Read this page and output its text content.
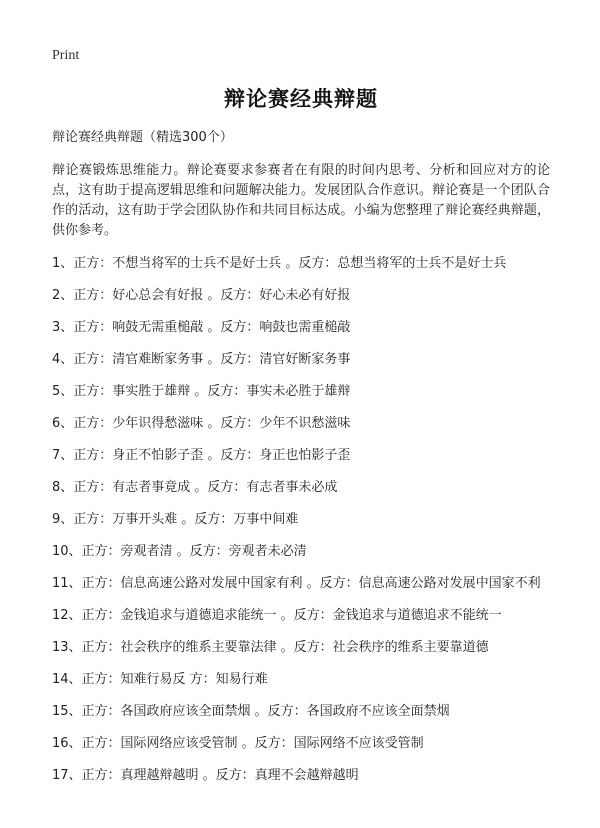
Print
辩论赛经典辩题
辩论赛经典辩题（精选300个）

辩论赛锻炼思维能力。辩论赛要求参赛者在有限的时间内思考、分析和回应对方的论点，这有助于提高逻辑思维和问题解决能力。发展团队合作意识。辩论赛是一个团队合作的活动，这有助于学会团队协作和共同目标达成。小编为您整理了辩论赛经典辩题，供你参考。

1、正方：不想当将军的士兵不是好士兵 。反方：总想当将军的士兵不是好士兵
2、正方：好心总会有好报 。反方：好心未必有好报
3、正方：响鼓无需重槌敲 。反方：响鼓也需重槌敲
4、正方：清官难断家务事 。反方：清官好断家务事
5、正方：事实胜于雄辩 。反方：事实未必胜于雄辩
6、正方：少年识得愁滋味 。反方：少年不识愁滋味
7、正方：身正不怕影子歪 。反方：身正也怕影子歪
8、正方：有志者事竟成 。反方：有志者事未必成
9、正方：万事开头难 。反方：万事中间难
10、正方：旁观者清 。反方：旁观者未必清
11、正方：信息高速公路对发展中国家有利 。反方：信息高速公路对发展中国家不利
12、正方：金钱追求与道德追求能统一 。反方：金钱追求与道德追求不能统一
13、正方：社会秩序的维系主要靠法律 。反方：社会秩序的维系主要靠道德
14、正方：知难行易反 方：知易行难
15、正方：各国政府应该全面禁烟 。反方：各国政府不应该全面禁烟
16、正方：国际网络应该受管制 。反方：国际网络不应该受管制
17、正方：真理越辩越明 。反方：真理不会越辩越明
